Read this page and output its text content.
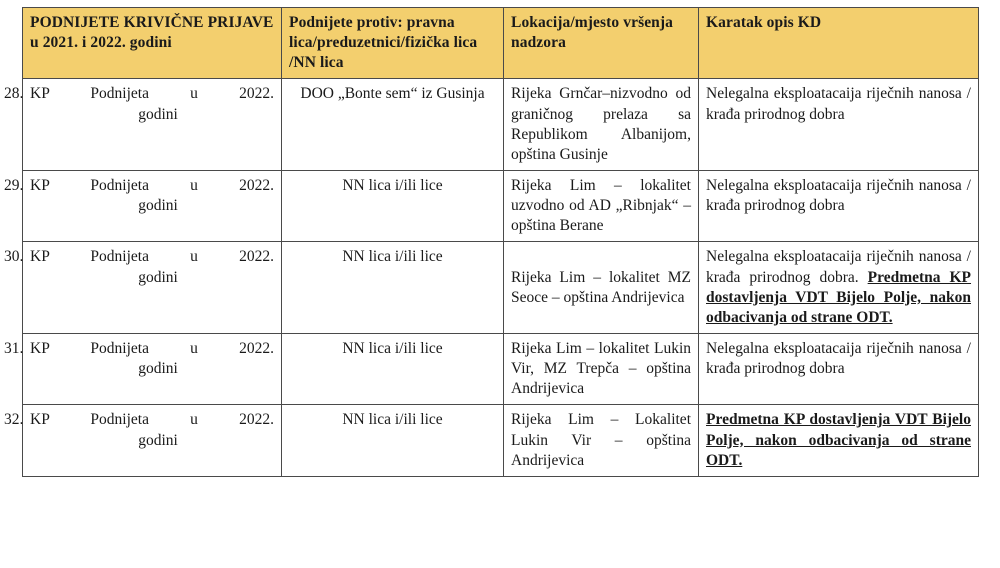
PODNIJETE KRIVIČNE PRIJAVE u 2021. i 2022. godini	Podnijete protiv: pravna lica/preduzetnici/fizička lica /NN lica	Lokacija/mjesto vršenja nadzora	Karatak opis KD

28. KP Podnijeta u 2022.
godini	DOO „Bonte sem“ iz Gusinja	Rijeka Grnčar–nizvodno od graničnog prelaza sa Republikom Albanijom, opština Gusinje	Nelegalna eksploatacaija riječnih nanosa / krađa prirodnog dobra

29. KP Podnijeta u 2022.
godini	NN lica i/ili lice	Rijeka Lim – lokalitet uzvodno od AD „Ribnjak“ – opština Berane	Nelegalna eksploatacaija riječnih nanosa / krađa prirodnog dobra

30. KP Podnijeta u 2022.
godini	NN lica i/ili lice	Rijeka Lim – lokalitet MZ Seoce – opština Andrijevica	Nelegalna eksploatacaija riječnih nanosa / krađa prirodnog dobra. Predmetna KP dostavljenja VDT Bijelo Polje, nakon odbacivanja od strane ODT.

31. KP Podnijeta u 2022.
godini	NN lica i/ili lice	Rijeka Lim – lokalitet Lukin Vir, MZ Trepča – opština Andrijevica	Nelegalna eksploatacaija riječnih nanosa / krađa prirodnog dobra

32. KP Podnijeta u 2022.
godini	NN lica i/ili lice	Rijeka Lim – Lokalitet Lukin Vir – opština Andrijevica	Predmetna KP dostavljenja VDT Bijelo Polje, nakon odbacivanja od strane ODT.
